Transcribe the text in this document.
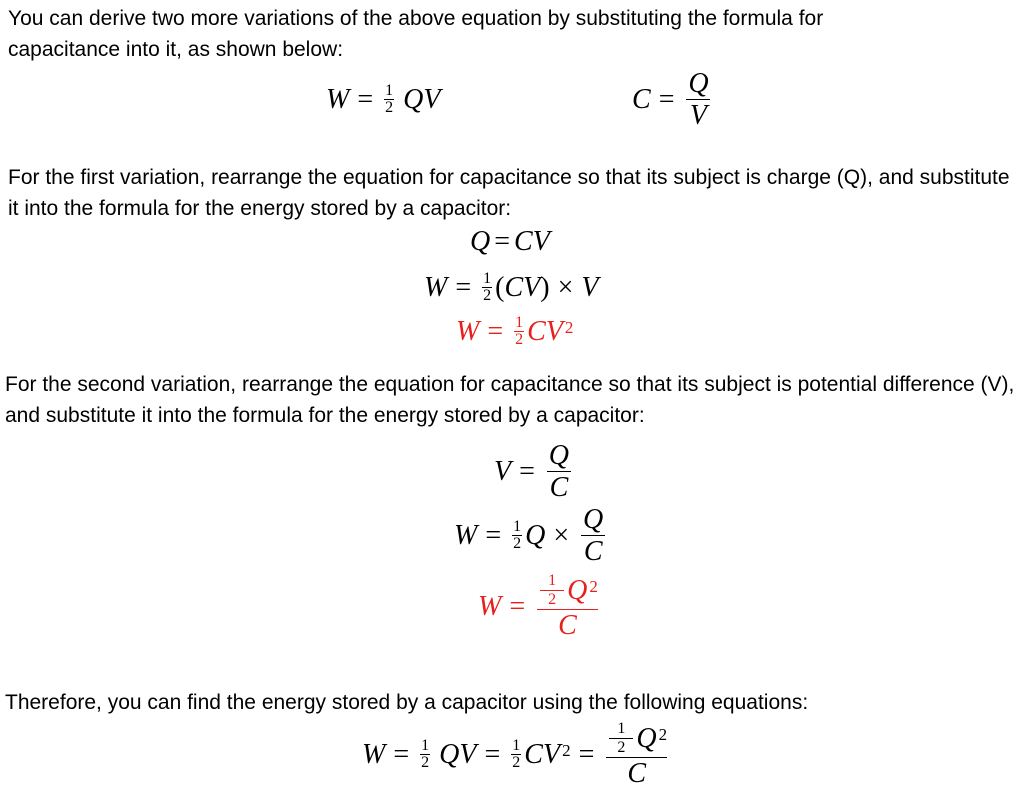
You can derive two more variations of the above equation by substituting the formula for capacitance into it, as shown below:

W = 1
2 Q V	C = Q
V

For the first variation, rearrange the equation for capacitance so that its subject is charge (Q), and substitute it into the formula for the energy stored by a capacitor:

Q = C V
W = 1
2 ( C V ) × V
W = 1
2 C $V^2$

For the second variation, rearrange the equation for capacitance so that its subject is potential difference (V), and substitute it into the formula for the energy stored by a capacitor:

V = Q
C
W = 1
2 Q × Q
C
W =
1
2 $Q^2$
C

Therefore, you can find the energy stored by a capacitor using the following equations:

W = 1
2 Q V = 1
2 C $V^2$ =
1
2 $Q^2$
C
